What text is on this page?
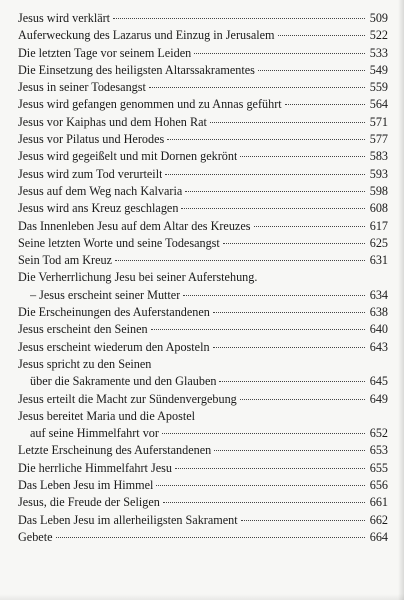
Jesus wird verklärt	509
Auferweckung des Lazarus und Einzug in Jerusalem	522
Die letzten Tage vor seinem Leiden	533
Die Einsetzung des heiligsten Altarssakramentes	549
Jesus in seiner Todesangst	559
Jesus wird gefangen genommen und zu Annas geführt	564
Jesus vor Kaiphas und dem Hohen Rat	571
Jesus vor Pilatus und Herodes	577
Jesus wird gegeißelt und mit Dornen gekrönt	583
Jesus wird zum Tod verurteilt	593
Jesus auf dem Weg nach Kalvaria	598
Jesus wird ans Kreuz geschlagen	608
Das Innenleben Jesu auf dem Altar des Kreuzes	617
Seine letzten Worte und seine Todesangst	625
Sein Tod am Kreuz	631
Die Verherrlichung Jesu bei seiner Auferstehung.
– Jesus erscheint seiner Mutter	634
Die Erscheinungen des Auferstandenen	638
Jesus erscheint den Seinen	640
Jesus erscheint wiederum den Aposteln	643
Jesus spricht zu den Seinen
über die Sakramente und den Glauben	645
Jesus erteilt die Macht zur Sündenvergebung	649
Jesus bereitet Maria und die Apostel
auf seine Himmelfahrt vor	652
Letzte Erscheinung des Auferstandenen	653
Die herrliche Himmelfahrt Jesu	655
Das Leben Jesu im Himmel	656
Jesus, die Freude der Seligen	661
Das Leben Jesu im allerheiligsten Sakrament	662
Gebete	664
